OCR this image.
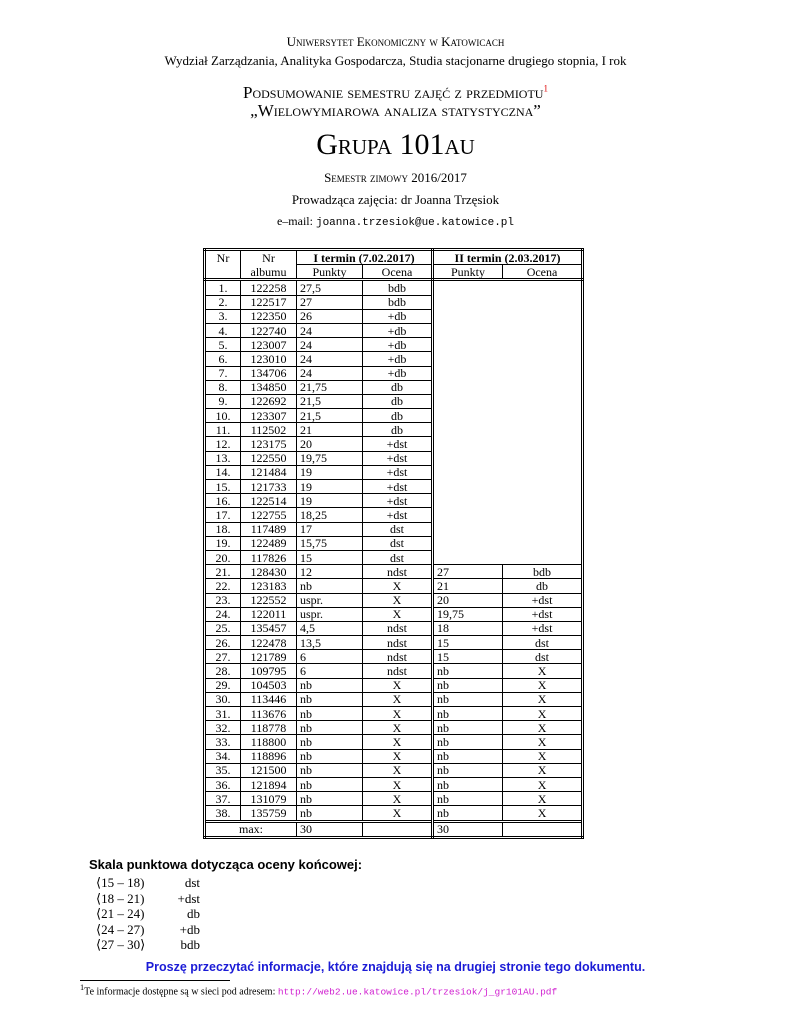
Uniwersytet Ekonomiczny w Katowicach
Wydział Zarządzania, Analityka Gospodarcza, Studia stacjonarne drugiego stopnia, I rok
Podsumowanie semestru zajęć z przedmiotu$^1$
„Wielowymiarowa analiza statystyczna”
Grupa 101au
Semestr zimowy 2016/2017
Prowadząca zajęcia: dr Joanna Trzęsiok
e–mail: joanna.trzesiok@ue.katowice.pl
Nr	Nr	I termin (7.02.2017)		II termin (2.03.2017)	
	albumu	Punkty	Ocena	Punkty	Ocena
1.	122258	27,5	bdb		
2.	122517	27	bdb		
3.	122350	26	+db		
4.	122740	24	+db		
5.	123007	24	+db		
6.	123010	24	+db		
7.	134706	24	+db		
8.	134850	21,75	db		
9.	122692	21,5	db		
10.	123307	21,5	db		
11.	112502	21	db		
12.	123175	20	+dst		
13.	122550	19,75	+dst		
14.	121484	19	+dst		
15.	121733	19	+dst		
16.	122514	19	+dst		
17.	122755	18,25	+dst		
18.	117489	17	dst		
19.	122489	15,75	dst		
20.	117826	15	dst		
21.	128430	12	ndst	27	bdb
22.	123183	nb	X	21	db
23.	122552	uspr.	X	20	+dst
24.	122011	uspr.	X	19,75	+dst
25.	135457	4,5	ndst	18	+dst
26.	122478	13,5	ndst	15	dst
27.	121789	6	ndst	15	dst
28.	109795	6	ndst	nb	X
29.	104503	nb	X	nb	X
30.	113446	nb	X	nb	X
31.	113676	nb	X	nb	X
32.	118778	nb	X	nb	X
33.	118800	nb	X	nb	X
34.	118896	nb	X	nb	X
35.	121500	nb	X	nb	X
36.	121894	nb	X	nb	X
37.	131079	nb	X	nb	X
38.	135759	nb	X	nb	X
max:		30		30	
Skala punktowa dotycząca oceny końcowej:
⟨15 – 18)	dst
⟨18 – 21)	+dst
⟨21 – 24)	db
⟨24 – 27)	+db
⟨27 – 30⟩	bdb
Proszę przeczytać informacje, które znajdują się na drugiej stronie tego dokumentu.
$^1$Te informacje dostępne są w sieci pod adresem: http://web2.ue.katowice.pl/trzesiok/j_gr101AU.pdf
